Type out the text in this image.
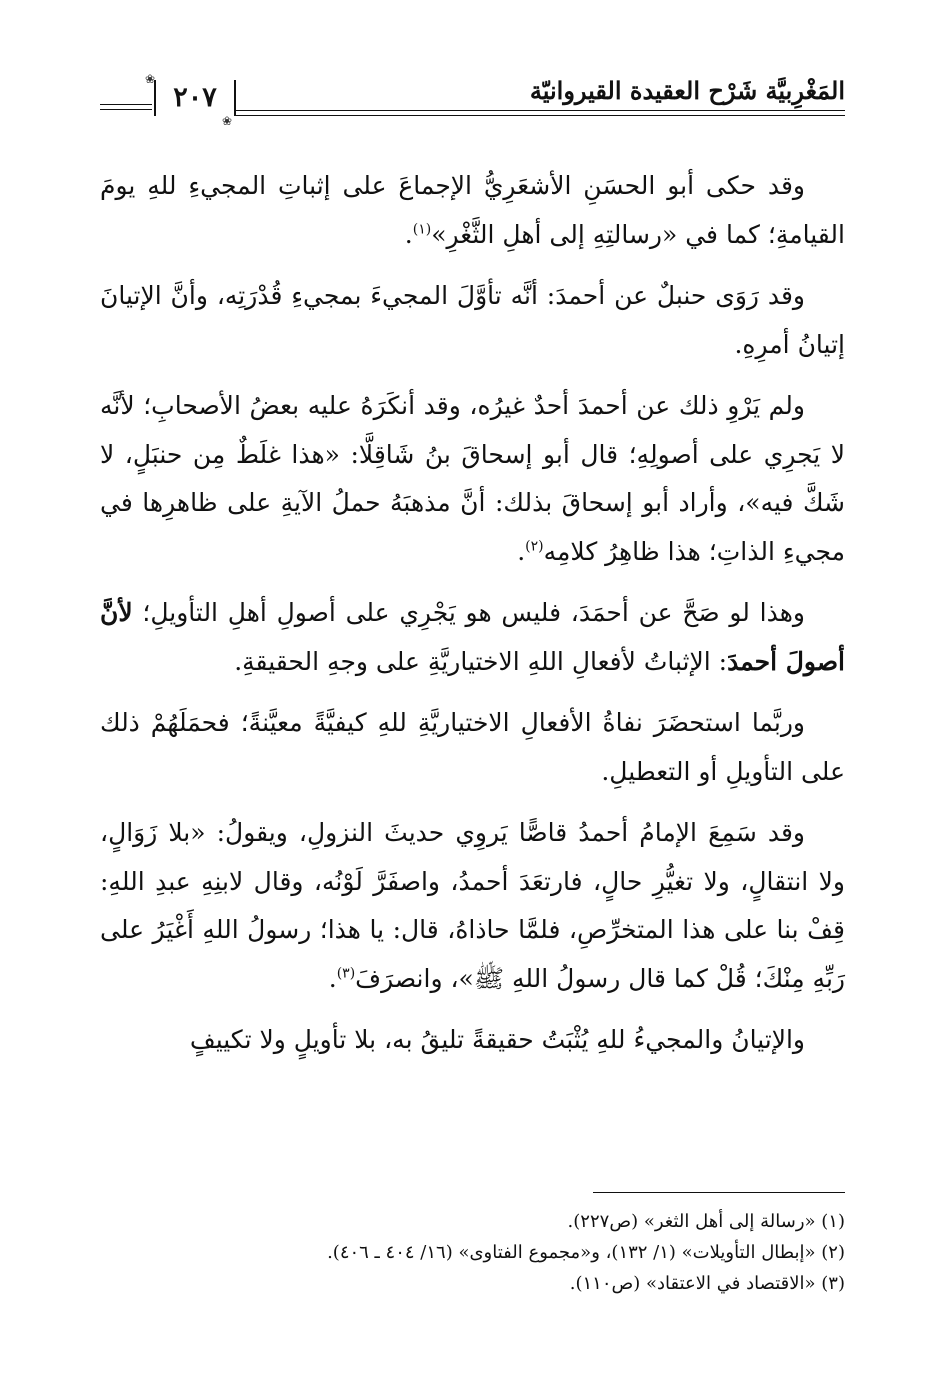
❀
٢٠٧
❀
المَغْرِبيَّة شَرْح العقيدة القيروانيّة

وقد حكى أبو الحسَنِ الأشعَرِيُّ الإجماعَ على إثباتِ المجيءِ للهِ يومَ القيامةِ؛ كما في «رسالتِهِ إلى أهلِ الثَّغْرِ»$^{(١)}$.

وقد رَوَى حنبلٌ عن أحمدَ: أنَّه تأوَّلَ المجيءَ بمجيءِ قُدْرَتِه، وأنَّ الإتيانَ إتيانُ أمرِهِ.

ولم يَرْوِ ذلك عن أحمدَ أحدٌ غيرُه، وقد أنكَرَهُ عليه بعضُ الأصحابِ؛ لأنَّه لا يَجرِي على أصولِهِ؛ قال أبو إسحاقَ بنُ شَاقِلَّا: «هذا غلَطٌ مِن حنبَلٍ، لا شَكَّ فيه»، وأراد أبو إسحاقَ بذلك: أنَّ مذهبَهُ حملُ الآيةِ على ظاهرِها في مجيءِ الذاتِ؛ هذا ظاهِرُ كلامِه$^{(٢)}$.

وهذا لو صَحَّ عن أحمَدَ، فليس هو يَجْرِي على أصولِ أهلِ التأويلِ؛ لأنَّ أصولَ أحمدَ: الإثباتُ لأفعالِ اللهِ الاختياريَّةِ على وجهِ الحقيقةِ.

وربَّما استحضَرَ نفاةُ الأفعالِ الاختياريَّةِ للهِ كيفيَّةً معيَّنةً؛ فحمَلَهُمْ ذلك على التأويلِ أو التعطيلِ.

وقد سَمِعَ الإمامُ أحمدُ قاصًّا يَروِي حديثَ النزولِ، ويقولُ: «بلا زَوَالٍ، ولا انتقالٍ، ولا تغيُّرِ حالٍ، فارتعَدَ أحمدُ، واصفَرَّ لَوْنُه، وقال لابنِهِ عبدِ اللهِ: قِفْ بنا على هذا المتخرِّصِ، فلمَّا حاذاهُ، قال: يا هذا؛ رسولُ اللهِ أَغْيَرُ على رَبِّهِ مِنْكَ؛ قُلْ كما قال رسولُ اللهِ ﷺ»، وانصرَفَ$^{(٣)}$.

والإتيانُ والمجيءُ للهِ يُثْبَتُ حقيقةً تليقُ به، بلا تأويلٍ ولا تكييفٍ

(١) «رسالة إلى أهل الثغر» (ص٢٢٧).

(٢) «إبطال التأويلات» (١/ ١٣٢)، و«مجموع الفتاوى» (١٦/ ٤٠٤ ـ ٤٠٦).

(٣) «الاقتصاد في الاعتقاد» (ص١١٠).
